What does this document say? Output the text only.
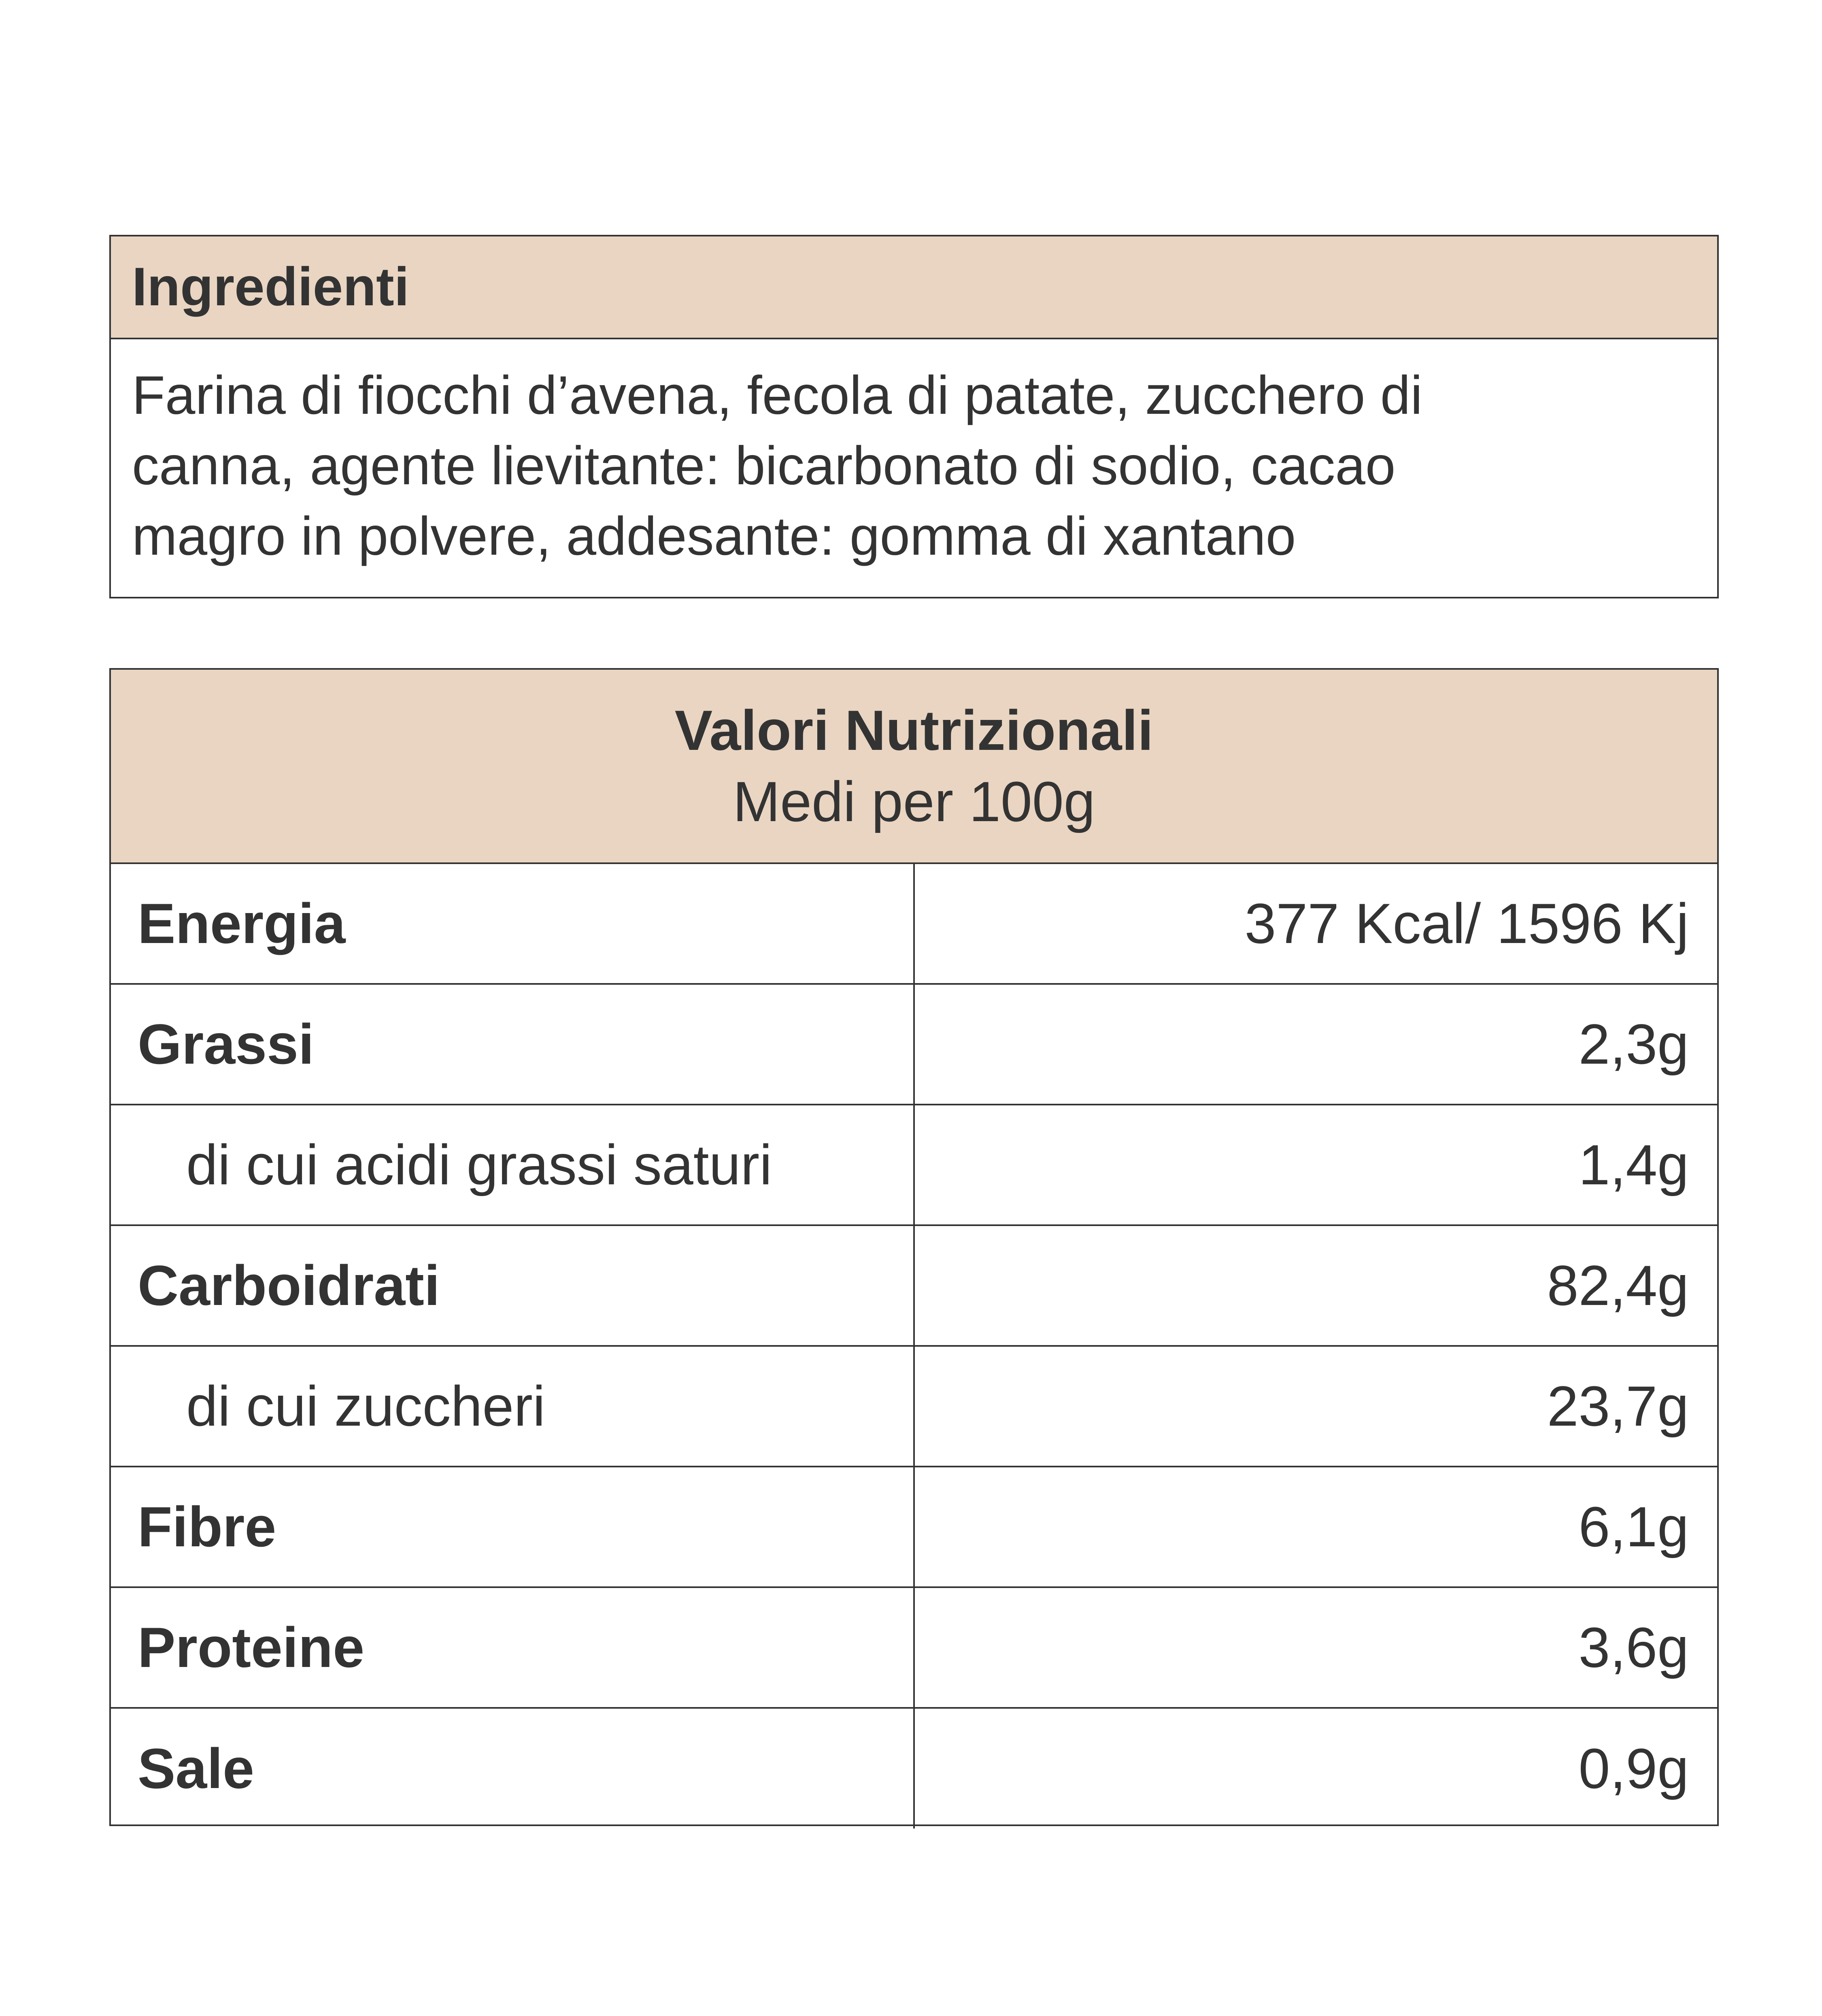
Ingredienti
Farina di fiocchi d’avena, fecola di patate, zucchero di
canna, agente lievitante: bicarbonato di sodio, cacao
magro in polvere, addesante: gomma di xantano
Valori Nutrizionali
Medi per 100g
Energia	377 Kcal/ 1596 Kj
Grassi	2,3g
di cui acidi grassi saturi	1,4g
Carboidrati	82,4g
di cui zuccheri	23,7g
Fibre	6,1g
Proteine	3,6g
Sale	0,9g
